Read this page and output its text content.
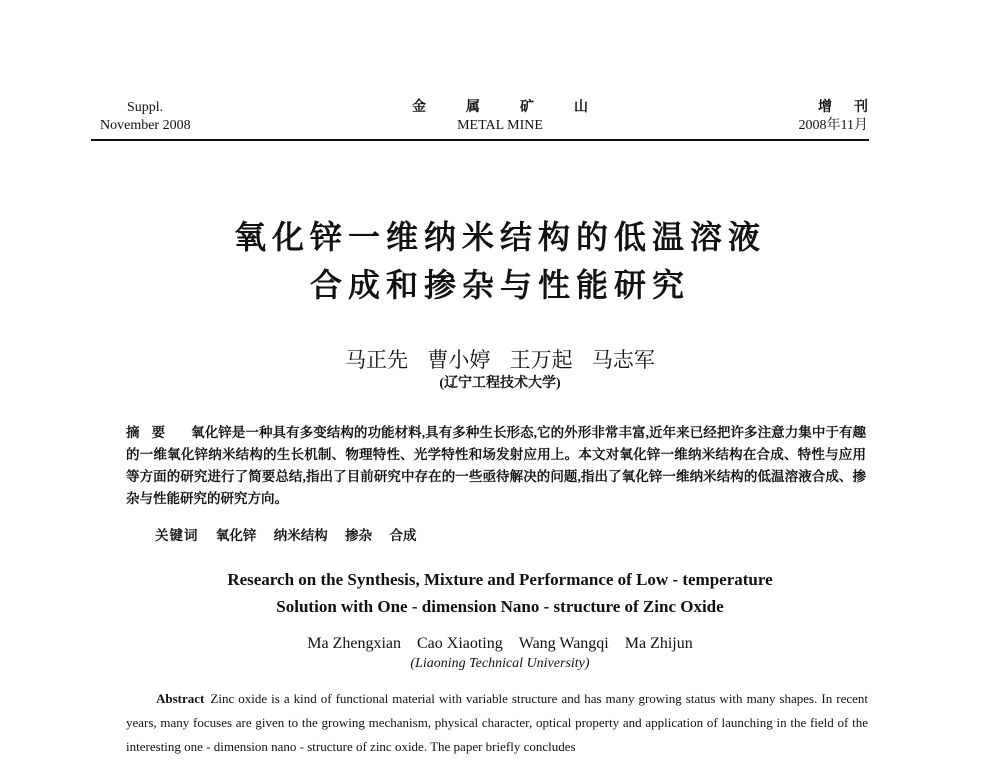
Suppl.
November 2008
金属矿山
METAL MINE
增刊
2008年11月
氧化锌一维纳米结构的低温溶液
合成和掺杂与性能研究
马正先 曹小婷 王万起 马志军
(辽宁工程技术大学)
摘要 氧化锌是一种具有多变结构的功能材料,具有多种生长形态,它的外形非常丰富,近年来已经把许多注意力集中于有趣的一维氧化锌纳米结构的生长机制、物理特性、光学特性和场发射应用上。本文对氧化锌一维纳米结构在合成、特性与应用等方面的研究进行了简要总结,指出了目前研究中存在的一些亟待解决的问题,指出了氧化锌一维纳米结构的低温溶液合成、掺杂与性能研究的研究方向。
关键词 氧化锌 纳米结构 掺杂 合成
Research on the Synthesis, Mixture and Performance of Low - temperature
Solution with One - dimension Nano - structure of Zinc Oxide
Ma Zhengxian Cao Xiaoting Wang Wangqi Ma Zhijun
(Liaoning Technical University)
Abstract Zinc oxide is a kind of functional material with variable structure and has many growing status with many shapes. In recent years, many focuses are given to the growing mechanism, physical character, optical property and application of launching in the field of the interesting one - dimension nano - structure of zinc oxide. The paper briefly concludes
